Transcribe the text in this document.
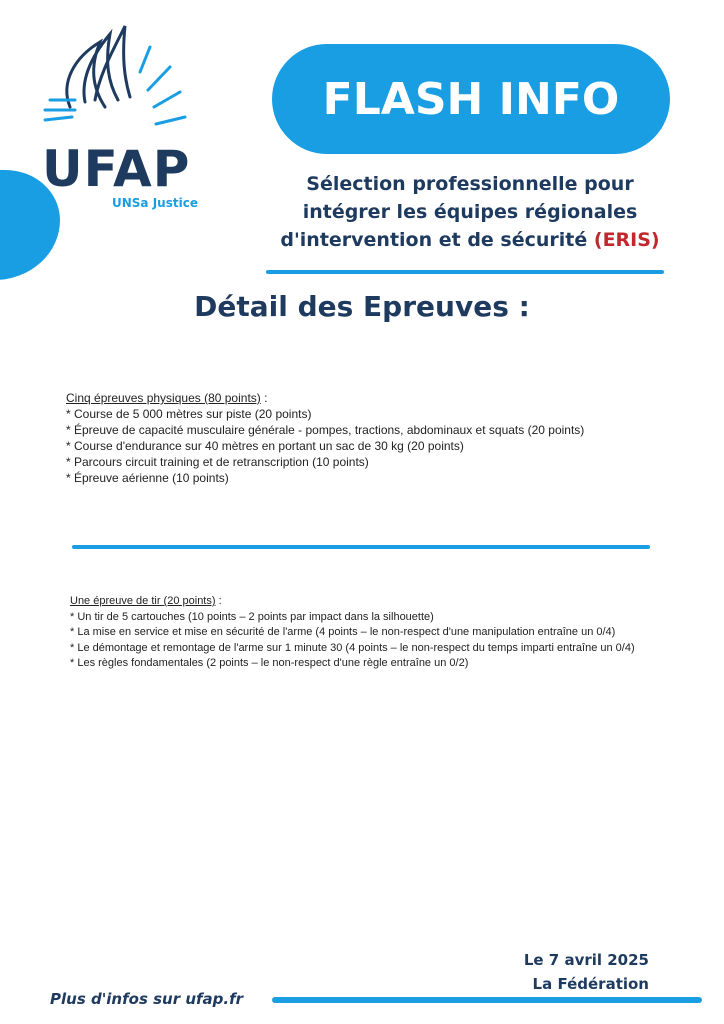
UFAP
UNSa Justice
FLASH INFO
Sélection professionnelle pour
intégrer les équipes régionales
d'intervention et de sécurité (ERIS)
Détail des Epreuves :
Cinq épreuves physiques (80 points) :
* Course de 5 000 mètres sur piste (20 points)
* Épreuve de capacité musculaire générale - pompes, tractions, abdominaux et squats (20 points)
* Course d'endurance sur 40 mètres en portant un sac de 30 kg (20 points)
* Parcours circuit training et de retranscription (10 points)
* Épreuve aérienne (10 points)
Une épreuve de tir (20 points) :
* Un tir de 5 cartouches (10 points – 2 points par impact dans la silhouette)
* La mise en service et mise en sécurité de l'arme (4 points – le non-respect d'une manipulation entraîne un 0/4)
* Le démontage et remontage de l'arme sur 1 minute 30 (4 points – le non-respect du temps imparti entraîne un 0/4)
* Les règles fondamentales (2 points – le non-respect d'une règle entraîne un 0/2)
Le 7 avril 2025
La Fédération
Plus d'infos sur ufap.fr
